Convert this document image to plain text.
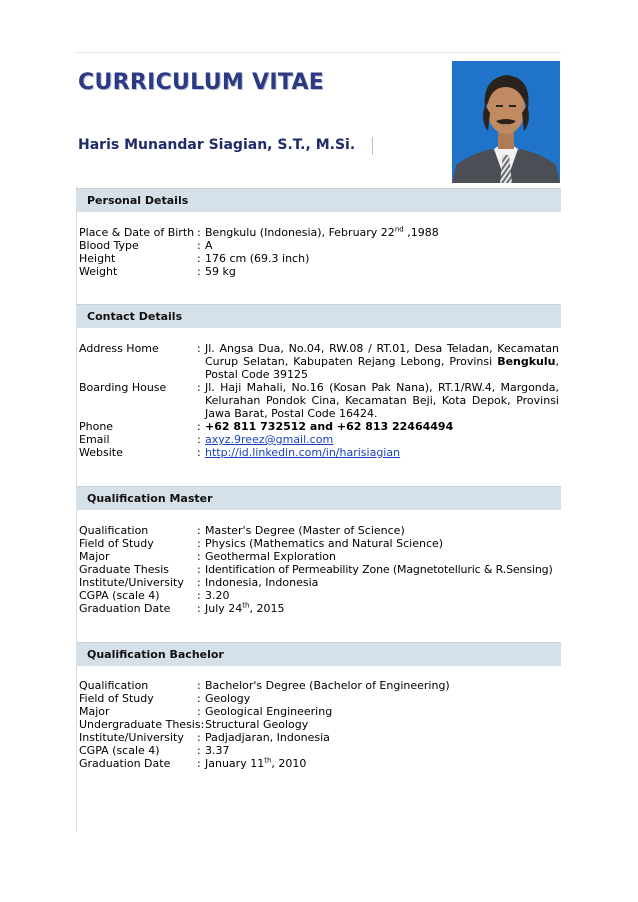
CURRICULUM VITAE
Haris Munandar Siagian, S.T., M.Si.
Personal Details
Place & Date of Birth : Bengkulu (Indonesia), February 22nd ,1988
Blood Type	: A
Height	: 176 cm (69.3 inch)
Weight	: 59 kg
Contact Details
Address Home	: Jl. Angsa Dua, No.04, RW.08 / RT.01, Desa Teladan, Kecamatan Curup Selatan, Kabupaten Rejang Lebong, Provinsi Bengkulu, Postal Code 39125
Boarding House	: Jl. Haji Mahali, No.16 (Kosan Pak Nana), RT.1/RW.4, Margonda, Kelurahan Pondok Cina, Kecamatan Beji, Kota Depok, Provinsi Jawa Barat, Postal Code 16424.
Phone	: +62 811 732512 and +62 813 22464494
Email	: axyz.9reez@gmail.com
Website	: http://id.linkedin.com/in/harisiagian
Qualification Master
Qualification	: Master's Degree (Master of Science)
Field of Study	: Physics (Mathematics and Natural Science)
Major	: Geothermal Exploration
Graduate Thesis	: Identification of Permeability Zone (Magnetotelluric & R.Sensing)
Institute/University	: Indonesia, Indonesia
CGPA (scale 4)	: 3.20
Graduation Date	: July 24th, 2015
Qualification Bachelor
Qualification	: Bachelor's Degree (Bachelor of Engineering)
Field of Study	: Geology
Major	: Geological Engineering
Undergraduate Thesis: Structural Geology
Institute/University	: Padjadjaran, Indonesia
CGPA (scale 4)	: 3.37
Graduation Date	: January 11th, 2010
